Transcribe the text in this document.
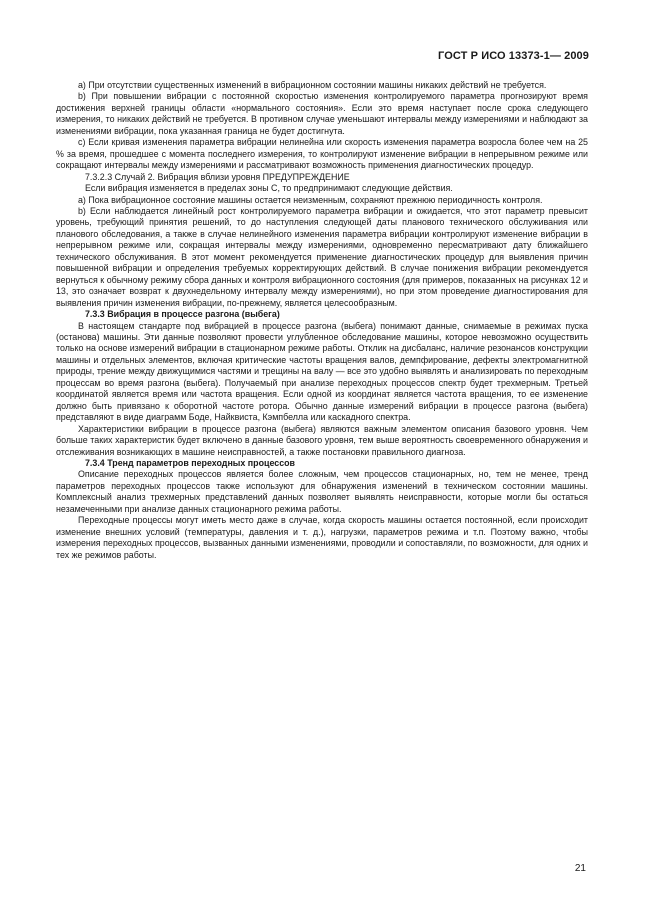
ГОСТ Р ИСО 13373-1— 2009

a) При отсутствии существенных изменений в вибрационном состоянии машины никаких действий не требуется.

b) При повышении вибрации с постоянной скоростью изменения контролируемого параметра прогнозируют время достижения верхней границы области «нормального состояния». Если это время наступает после срока следующего измерения, то никаких действий не требуется. В противном случае уменьшают интервалы между измерениями и наблюдают за изменениями вибрации, пока указанная граница не будет достигнута.

c) Если кривая изменения параметра вибрации нелинейна или скорость изменения параметра возросла более чем на 25 % за время, прошедшее с момента последнего измерения, то контролируют изменение вибрации в непрерывном режиме или сокращают интервалы между измерениями и рассматривают возможность применения диагностических процедур.

7.3.2.3 Случай 2. Вибрация вблизи уровня ПРЕДУПРЕЖДЕНИЕ

Если вибрация изменяется в пределах зоны C, то предпринимают следующие действия.

a) Пока вибрационное состояние машины остается неизменным, сохраняют прежнюю периодичность контроля.

b) Если наблюдается линейный рост контролируемого параметра вибрации и ожидается, что этот параметр превысит уровень, требующий принятия решений, то до наступления следующей даты планового технического обслуживания или планового обследования, а также в случае нелинейного изменения параметра вибрации контролируют изменение вибрации в непрерывном режиме или, сокращая интервалы между измерениями, одновременно пересматривают дату ближайшего технического обслуживания. В этот момент рекомендуется применение диагностических процедур для выявления причин повышенной вибрации и определения требуемых корректирующих действий. В случае понижения вибрации рекомендуется вернуться к обычному режиму сбора данных и контроля вибрационного состояния (для примеров, показанных на рисунках 12 и 13, это означает возврат к двухнедельному интервалу между измерениями), но при этом проведение диагностирования для выявления причин изменения вибрации, по-прежнему, является целесообразным.

7.3.3 Вибрация в процессе разгона (выбега)

В настоящем стандарте под вибрацией в процессе разгона (выбега) понимают данные, снимаемые в режимах пуска (останова) машины. Эти данные позволяют провести углубленное обследование машины, которое невозможно осуществить только на основе измерений вибрации в стационарном режиме работы. Отклик на дисбаланс, наличие резонансов конструкции машины и отдельных элементов, включая критические частоты вращения валов, демпфирование, дефекты электромагнитной природы, трение между движущимися частями и трещины на валу — все это удобно выявлять и анализировать по переходным процессам во время разгона (выбега). Получаемый при анализе переходных процессов спектр будет трехмерным. Третьей координатой является время или частота вращения. Если одной из координат является частота вращения, то ее изменение должно быть привязано к оборотной частоте ротора. Обычно данные измерений вибрации в процессе разгона (выбега) представляют в виде диаграмм Боде, Найквиста, Кэмпбелла или каскадного спектра.

Характеристики вибрации в процессе разгона (выбега) являются важным элементом описания базового уровня. Чем больше таких характеристик будет включено в данные базового уровня, тем выше вероятность своевременного обнаружения и отслеживания возникающих в машине неисправностей, а также постановки правильного диагноза.

7.3.4 Тренд параметров переходных процессов

Описание переходных процессов является более сложным, чем процессов стационарных, но, тем не менее, тренд параметров переходных процессов также используют для обнаружения изменений в техническом состоянии машины. Комплексный анализ трехмерных представлений данных позволяет выявлять неисправности, которые могли бы остаться незамеченными при анализе данных стационарного режима работы.

Переходные процессы могут иметь место даже в случае, когда скорость машины остается постоянной, если происходит изменение внешних условий (температуры, давления и т. д.), нагрузки, параметров режима и т.п. Поэтому важно, чтобы измерения переходных процессов, вызванных данными изменениями, проводили и сопоставляли, по возможности, для одних и тех же режимов работы.

21
